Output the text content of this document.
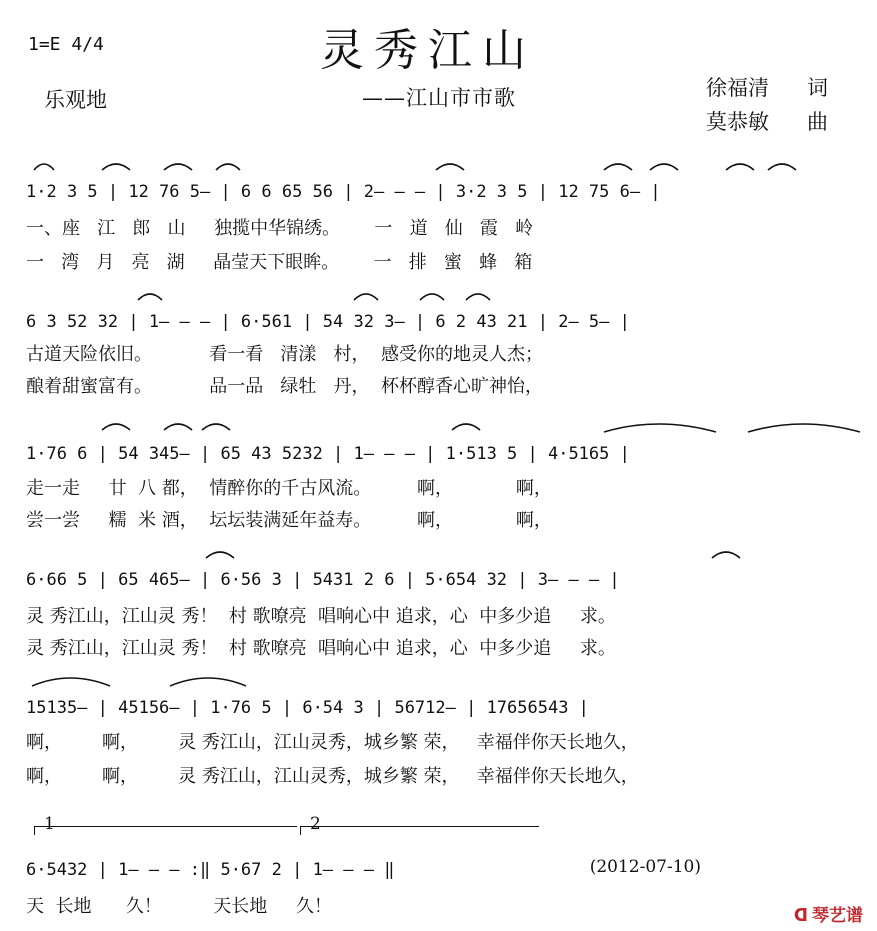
1=E 4/4	灵秀江山
乐观地	——江山市市歌	徐福清 词
莫恭敏 曲
1·2 3 5 | 12 76 5— | 6 6 65 56 | 2— — — | 3·2 3 5 | 12 75 6— |
一、座   江   郎   山     独揽中华锦绣。      一   道   仙   霞   岭
一   湾   月   亮   湖     晶莹天下眼眸。      一   排   蜜   蜂   箱
6 3 52 32 | 1— — — | 6·561 | 54 32 3— | 6 2 43 21 | 2— 5— |
古道天险依旧。          看一看   清漾   村，  感受你的地灵人杰；
酿着甜蜜富有。          品一品   绿牡   丹，  杯杯醇香心旷神怡，
1·76 6 | 54 345— | 65 43 5232 | 1— — — | 1·513 5 | 4·5165 |
走一走     廿  八 都，  情醉你的千古风流。        啊，           啊，
尝一尝     糯  米 酒，  坛坛装满延年益寿。        啊，           啊，
6·66 5 | 65 465— | 6·56 3 | 5431 2 6 | 5·654 32 | 3— — — |
灵 秀江山，江山灵 秀！  村 歌嘹亮  唱响心中 追求，心  中多少追     求。
灵 秀江山，江山灵 秀！  村 歌嘹亮  唱响心中 追求，心  中多少追     求。
15135— | 45156— | 1·76 5 | 6·54 3 | 56712— | 17656543 |
啊，       啊，       灵 秀江山，江山灵秀，城乡繁 荣，   幸福伴你天长地久，
啊，       啊，       灵 秀江山，江山灵秀，城乡繁 荣，   幸福伴你天长地久，
1	2
6·5432 | 1— — — :‖ 5·67 2 | 1— — — ‖
天  长地      久！         天长地     久！
(2012-07-10)
ᗡ 琴艺谱
